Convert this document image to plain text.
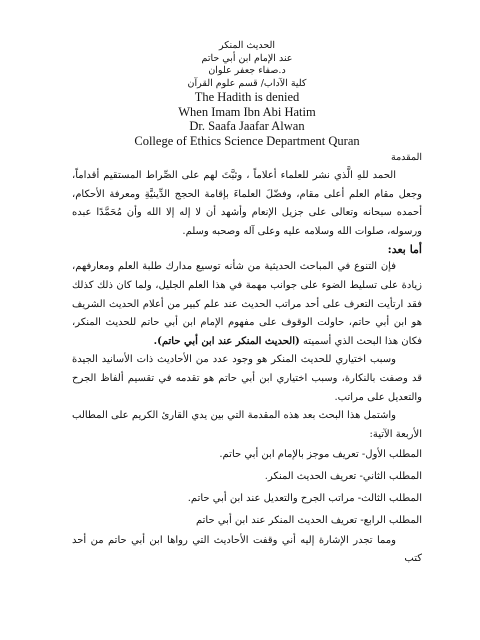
الحديث المنكر
عند الإمام ابن أبي حاتم
د.صفاء جعفر علوان
كلية الآداب/ قسم علوم القرآن
The Hadith is denied
When Imam Ibn Abi Hatim
Dr. Saafa Jaafar Alwan
College of Ethics Science Department Quran
المقدمة

الحمد للهِ الَّذي نشر للعلماء أعلاماً ، وثبَّتَ لهم على الصِّراط المستقيم أقداماً، وجعل مقام العلم أعلى مقام، وفضّلَ العلماءَ بإقامة الحجج الدِّينيَّةِ ومعرفة الأحكام، أحمده سبحانه وتعالى على جزيل الإنعام وأشهد أن لا إله إلا الله وأن مُحَمَّدًا عبده ورسوله، صلوات الله وسلامه عليه وعلى آله وصحبه وسلم.

أما بعد:

فإن التنوع في المباحث الحديثية من شأنه توسيع مدارك طلبة العلم ومعارفهم، زيادة على تسليط الضوء على جوانب مهمة في هذا العلم الجليل، ولما كان ذلك كذلك فقد ارتأيت التعرف على أحد مراتب الحديث عند علم كبير من أعلام الحديث الشريف هو ابن أبي حاتم، حاولت الوقوف على مفهوم الإمام ابن أبي حاتم للحديث المنكر، فكان هذا البحث الذي أسميته (الحديث المنكر عند ابن أبي حاتم).

وسبب اختياري للحديث المنكر هو وجود عدد من الأحاديث ذات الأسانيد الجيدة قد وصفت بالنكارة، وسبب اختياري ابن أبي حاتم هو تقدمه في تقسيم ألفاظ الجرح والتعديل على مراتب.

واشتمل هذا البحث بعد هذه المقدمة التي بين يدي القارئ الكريم على المطالب الأربعة الآتية:

المطلب الأول- تعريف موجز بالإمام ابن أبي حاتم.

المطلب الثاني- تعريف الحديث المنكر.

المطلب الثالث- مراتب الجرح والتعديل عند ابن أبي حاتم.

المطلب الرابع- تعريف الحديث المنكر عند ابن أبي حاتم

ومما تجدر الإشارة إليه أني وقفت الأحاديث التي رواها ابن أبي حاتم من أحد كتب
